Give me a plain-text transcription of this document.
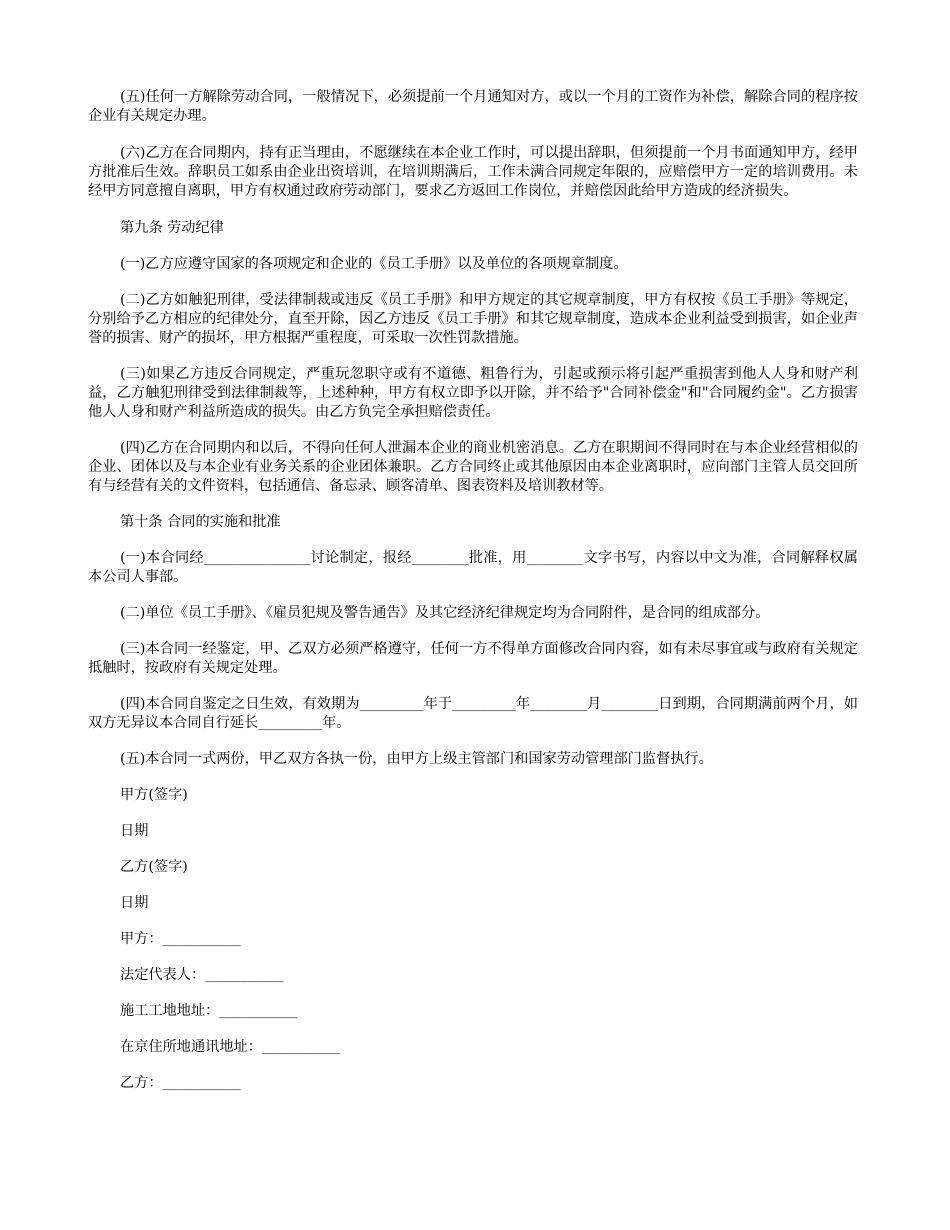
(五)任何一方解除劳动合同，一般情况下，必须提前一个月通知对方，或以一个月的工资作为补偿，解除合同的程序按企业有关规定办理。

(六)乙方在合同期内，持有正当理由，不愿继续在本企业工作时，可以提出辞职，但须提前一个月书面通知甲方，经甲方批准后生效。辞职员工如系由企业出资培训，在培训期满后，工作未满合同规定年限的，应赔偿甲方一定的培训费用。未经甲方同意擅自离职，甲方有权通过政府劳动部门，要求乙方返回工作岗位，并赔偿因此给甲方造成的经济损失。

第九条 劳动纪律

(一)乙方应遵守国家的各项规定和企业的《员工手册》以及单位的各项规章制度。

(二)乙方如触犯刑律，受法律制裁或违反《员工手册》和甲方规定的其它规章制度，甲方有权按《员工手册》等规定，分别给予乙方相应的纪律处分，直至开除，因乙方违反《员工手册》和其它规章制度，造成本企业利益受到损害，如企业声誉的损害、财产的损坏，甲方根据严重程度，可采取一次性罚款措施。

(三)如果乙方违反合同规定，严重玩忽职守或有不道德、粗鲁行为，引起或预示将引起严重损害到他人人身和财产利益，乙方触犯刑律受到法律制裁等，上述种种，甲方有权立即予以开除，并不给予"合同补偿金"和"合同履约金"。乙方损害他人人身和财产利益所造成的损失。由乙方负完全承担赔偿责任。

(四)乙方在合同期内和以后，不得向任何人泄漏本企业的商业机密消息。乙方在职期间不得同时在与本企业经营相似的企业、团体以及与本企业有业务关系的企业团体兼职。乙方合同终止或其他原因由本企业离职时，应向部门主管人员交回所有与经营有关的文件资料，包括通信、备忘录、顾客清单、图表资料及培训教材等。

第十条 合同的实施和批准

(一)本合同经_______________讨论制定，报经________批准，用________文字书写，内容以中文为准，合同解释权属本公司人事部。

(二)单位《员工手册》、《雇员犯规及警告通告》及其它经济纪律规定均为合同附件，是合同的组成部分。

(三)本合同一经鉴定，甲、乙双方必须严格遵守，任何一方不得单方面修改合同内容，如有未尽事宜或与政府有关规定抵触时，按政府有关规定处理。

(四)本合同自鉴定之日生效，有效期为_________年于_________年________月________日到期，合同期满前两个月，如双方无异议本合同自行延长_________年。

(五)本合同一式两份，甲乙双方各执一份，由甲方上级主管部门和国家劳动管理部门监督执行。

甲方(签字)

日期

乙方(签字)

日期

甲方：___________

法定代表人：___________

施工工地地址：___________

在京住所地通讯地址：___________

乙方：___________
